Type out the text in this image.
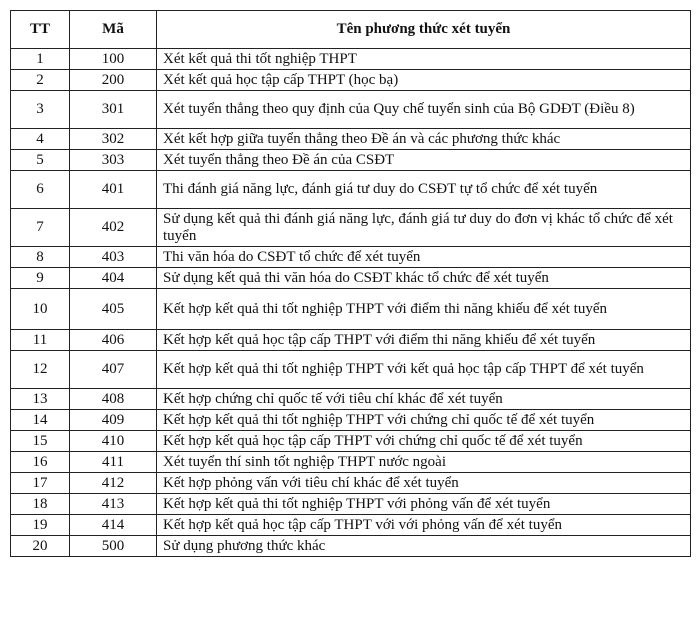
TT	Mã	Tên phương thức xét tuyển
1	100	Xét kết quả thi tốt nghiệp THPT
2	200	Xét kết quả học tập cấp THPT (học bạ)
3	301	Xét tuyển thẳng theo quy định của Quy chế tuyển sinh của Bộ GDĐT (Điều 8)
4	302	Xét kết hợp giữa tuyển thẳng theo Đề án và các phương thức khác
5	303	Xét tuyển thẳng theo Đề án của CSĐT
6	401	Thi đánh giá năng lực, đánh giá tư duy do CSĐT tự tổ chức để xét tuyển
7	402	Sử dụng kết quả thi đánh giá năng lực, đánh giá tư duy do đơn vị khác tổ chức để xét tuyển
8	403	Thi văn hóa do CSĐT tổ chức để xét tuyển
9	404	Sử dụng kết quả thi văn hóa do CSĐT khác tổ chức để xét tuyển
10	405	Kết hợp kết quả thi tốt nghiệp THPT với điểm thi năng khiếu để xét tuyển
11	406	Kết hợp kết quả học tập cấp THPT với điểm thi năng khiếu để xét tuyển
12	407	Kết hợp kết quả thi tốt nghiệp THPT với kết quả học tập cấp THPT để xét tuyển
13	408	Kết hợp chứng chỉ quốc tế với tiêu chí khác để xét tuyển
14	409	Kết hợp kết quả thi tốt nghiệp THPT với chứng chỉ quốc tế để xét tuyển
15	410	Kết hợp kết quả học tập cấp THPT với chứng chỉ quốc tế để xét tuyển
16	411	Xét tuyển thí sinh tốt nghiệp THPT nước ngoài
17	412	Kết hợp phỏng vấn với tiêu chí khác để xét tuyển
18	413	Kết hợp kết quả thi tốt nghiệp THPT với phỏng vấn để xét tuyển
19	414	Kết hợp kết quả học tập cấp THPT với với phỏng vấn để xét tuyển
20	500	Sử dụng phương thức khác
